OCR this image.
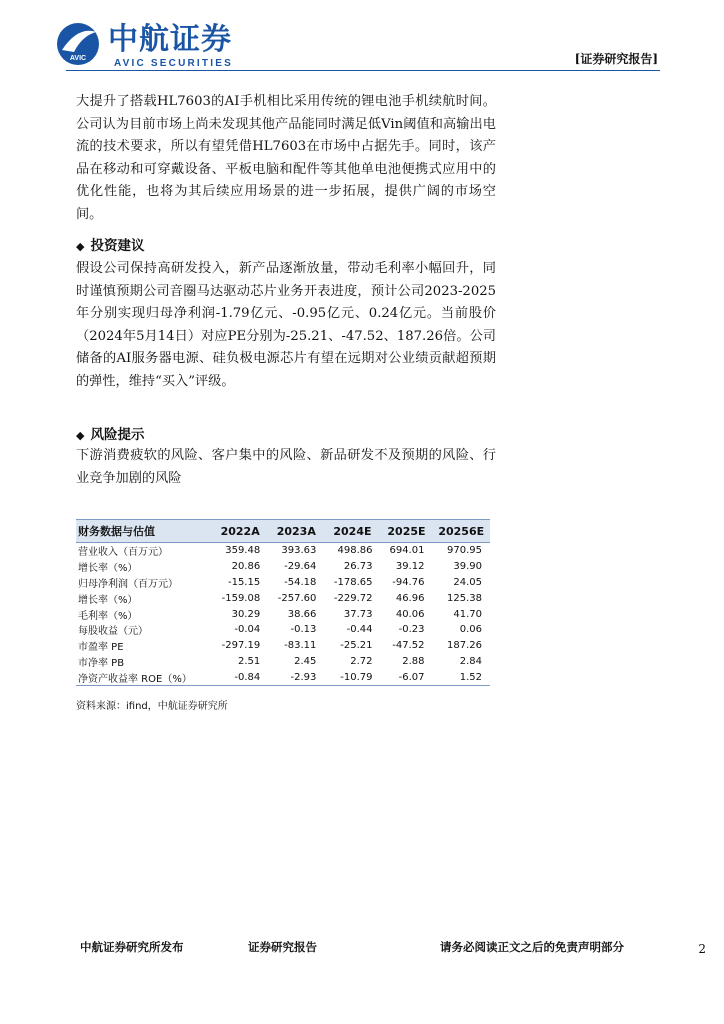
AVIC
中航证券
AVIC SECURITIES	[证券研究报告]
大提升了搭载HL7603的AI手机相比采用传统的锂电池手机续航时间。公司认为目前市场上尚未发现其他产品能同时满足低Vin阈值和高输出电流的技术要求，所以有望凭借HL7603在市场中占据先手。同时，该产品在移动和可穿戴设备、平板电脑和配件等其他单电池便携式应用中的优化性能，也将为其后续应用场景的进一步拓展，提供广阔的市场空间。
◆ 投资建议
假设公司保持高研发投入，新产品逐渐放量，带动毛利率小幅回升，同时谨慎预期公司音圈马达驱动芯片业务开表进度，预计公司2023-2025年分别实现归母净利润-1.79亿元、-0.95亿元、0.24亿元。当前股价（2024年5月14日）对应PE分别为-25.21、-47.52、187.26倍。公司储备的AI服务器电源、硅负极电源芯片有望在远期对公业绩贡献超预期的弹性，维持“买入”评级。
◆ 风险提示
下游消费疲软的风险、客户集中的风险、新品研发不及预期的风险、行业竞争加剧的风险
财务数据与估值	2022A	2023A	2024E	2025E	20256E
营业收入（百万元）	359.48	393.63	498.86	694.01	970.95
增长率（%）	20.86	-29.64	26.73	39.12	39.90
归母净利润（百万元）	-15.15	-54.18	-178.65	-94.76	24.05
增长率（%）	-159.08	-257.60	-229.72	46.96	125.38
毛利率（%）	30.29	38.66	37.73	40.06	41.70
每股收益（元）	-0.04	-0.13	-0.44	-0.23	0.06
市盈率 PE	-297.19	-83.11	-25.21	-47.52	187.26
市净率 PB	2.51	2.45	2.72	2.88	2.84
净资产收益率 ROE（%）	-0.84	-2.93	-10.79	-6.07	1.52
资料来源：ifind，中航证券研究所
中航证券研究所发布	证券研究报告	请务必阅读正文之后的免责声明部分	2
